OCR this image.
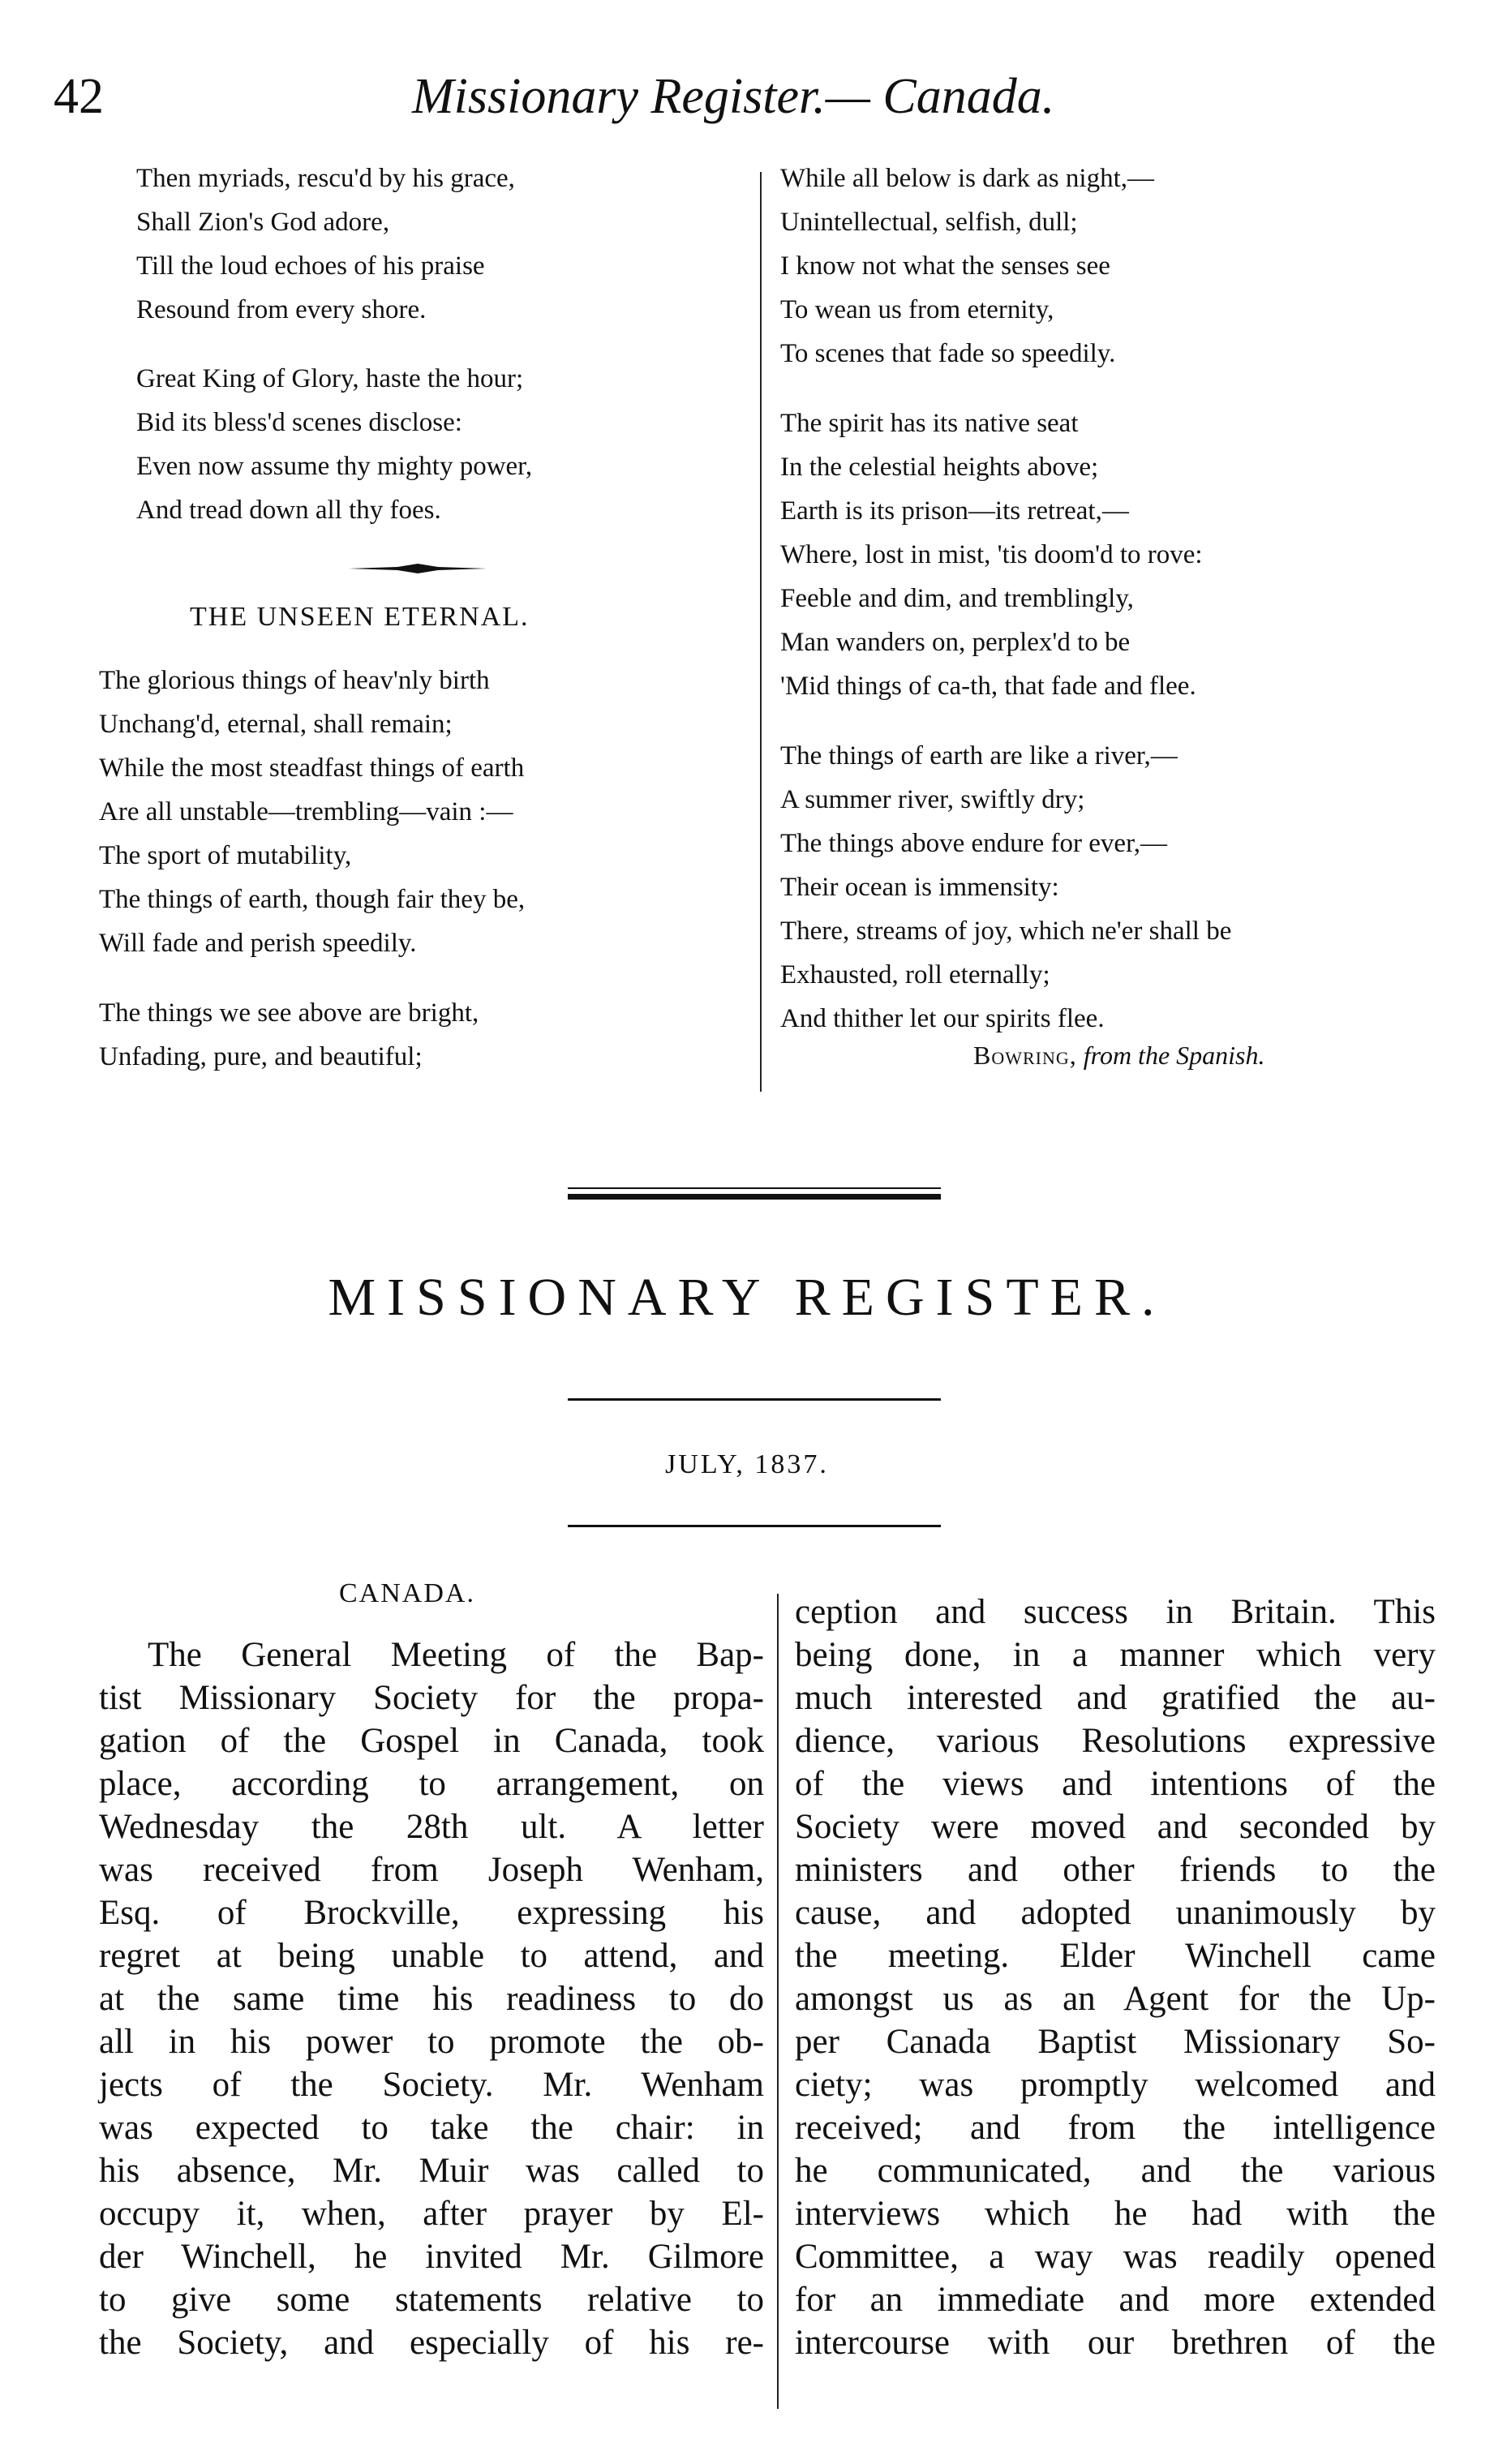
42	Missionary Register.— Canada.
Then myriads, rescu'd by his grace,
Shall Zion's God adore,
Till the loud echoes of his praise
Resound from every shore.
Great King of Glory, haste the hour;
Bid its bless'd scenes disclose:
Even now assume thy mighty power,
And tread down all thy foes.
THE UNSEEN ETERNAL.
The glorious things of heav'nly birth
Unchang'd, eternal, shall remain;
While the most steadfast things of earth
Are all unstable—trembling—vain :—
The sport of mutability,
The things of earth, though fair they be,
Will fade and perish speedily.
The things we see above are bright,
Unfading, pure, and beautiful;
While all below is dark as night,—
Unintellectual, selfish, dull;
I know not what the senses see
To wean us from eternity,
To scenes that fade so speedily.
The spirit has its native seat
In the celestial heights above;
Earth is its prison—its retreat,—
Where, lost in mist, 'tis doom'd to rove:
Feeble and dim, and tremblingly,
Man wanders on, perplex'd to be
'Mid things of ca-th, that fade and flee.
The things of earth are like a river,—
A summer river, swiftly dry;
The things above endure for ever,—
Their ocean is immensity:
There, streams of joy, which ne'er shall be
Exhausted, roll eternally;
And thither let our spirits flee.
Bowring, from the Spanish.
MISSIONARY REGISTER.
JULY, 1837.
CANADA.
The General Meeting of the Bap-
tist Missionary Society for the propa-
gation of the Gospel in Canada, took
place, according to arrangement, on
Wednesday the 28th ult. A letter
was received from Joseph Wenham,
Esq. of Brockville, expressing his
regret at being unable to attend, and
at the same time his readiness to do
all in his power to promote the ob-
jects of the Society. Mr. Wenham
was expected to take the chair: in
his absence, Mr. Muir was called to
occupy it, when, after prayer by El-
der Winchell, he invited Mr. Gilmore
to give some statements relative to
the Society, and especially of his re-
ception and success in Britain. This
being done, in a manner which very
much interested and gratified the au-
dience, various Resolutions expressive
of the views and intentions of the
Society were moved and seconded by
ministers and other friends to the
cause, and adopted unanimously by
the meeting. Elder Winchell came
amongst us as an Agent for the Up-
per Canada Baptist Missionary So-
ciety; was promptly welcomed and
received; and from the intelligence
he communicated, and the various
interviews which he had with the
Committee, a way was readily opened
for an immediate and more extended
intercourse with our brethren of the
